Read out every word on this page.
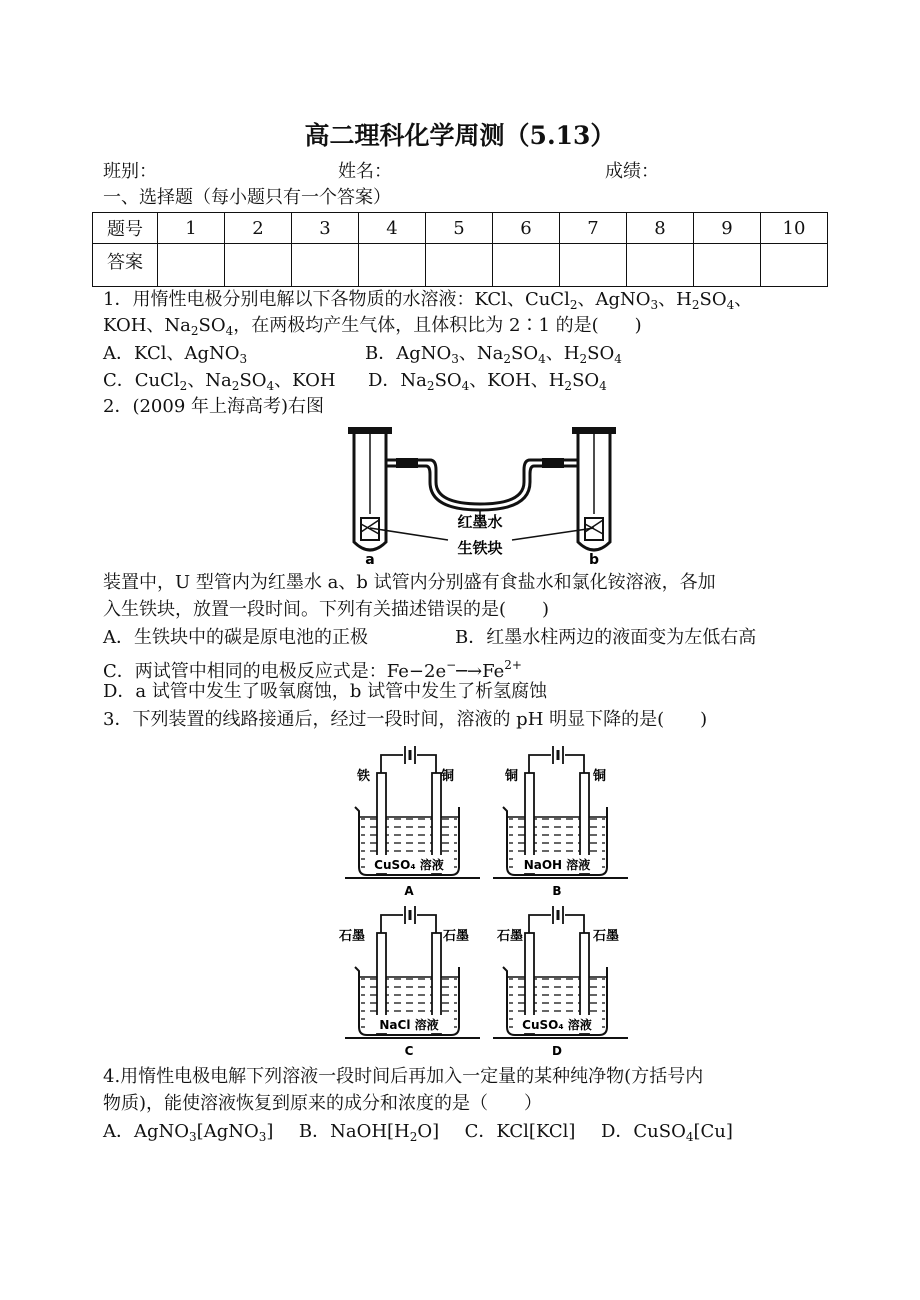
高二理科化学周测（5.13）
班别：	姓名：	成绩：
一、选择题（每小题只有一个答案）
题号	1	2	3	4	5	6	7	8	9	10
答案										
1．用惰性电极分别电解以下各物质的水溶液：KCl、CuCl$_2$、AgNO$_3$、$H_2SO_4$、
KOH、$Na_2SO_4$，在两极均产生气体，且体积比为 2∶1 的是(　　)
A．KCl、AgNO$_3$	B．AgNO$_3$、$Na_2SO_4$、$H_2SO_4$
C．CuCl$_2$、$Na_2SO_4$、KOH D．$Na_2SO_4$、KOH、$H_2SO_4$
2．(2009 年上海高考)右图
红墨水
生铁块
a	b
装置中，U 型管内为红墨水 a、b 试管内分别盛有食盐水和氯化铵溶液，各加
入生铁块，放置一段时间。下列有关描述错误的是(　　)
A．生铁块中的碳是原电池的正极	B．红墨水柱两边的液面变为左低右高
C．两试管中相同的电极反应式是：$Fe-2e^-─\to Fe^{2+}$
D．a 试管中发生了吸氧腐蚀，b 试管中发生了析氢腐蚀
3．下列装置的线路接通后，经过一段时间，溶液的 pH 明显下降的是(　　)
铁	铜
CuSO₄ 溶液
A
铜	铜
NaOH 溶液
B
石墨	石墨
NaCl 溶液
C
石墨	石墨
CuSO₄ 溶液
D
4.用惰性电极电解下列溶液一段时间后再加入一定量的某种纯净物(方括号内
物质)，能使溶液恢复到原来的成分和浓度的是（　　）
A．AgNO$_3$[AgNO$_3$] B．$NaOH[H_2O]$ C．KCl[KCl] D．CuSO$_4$[Cu]
